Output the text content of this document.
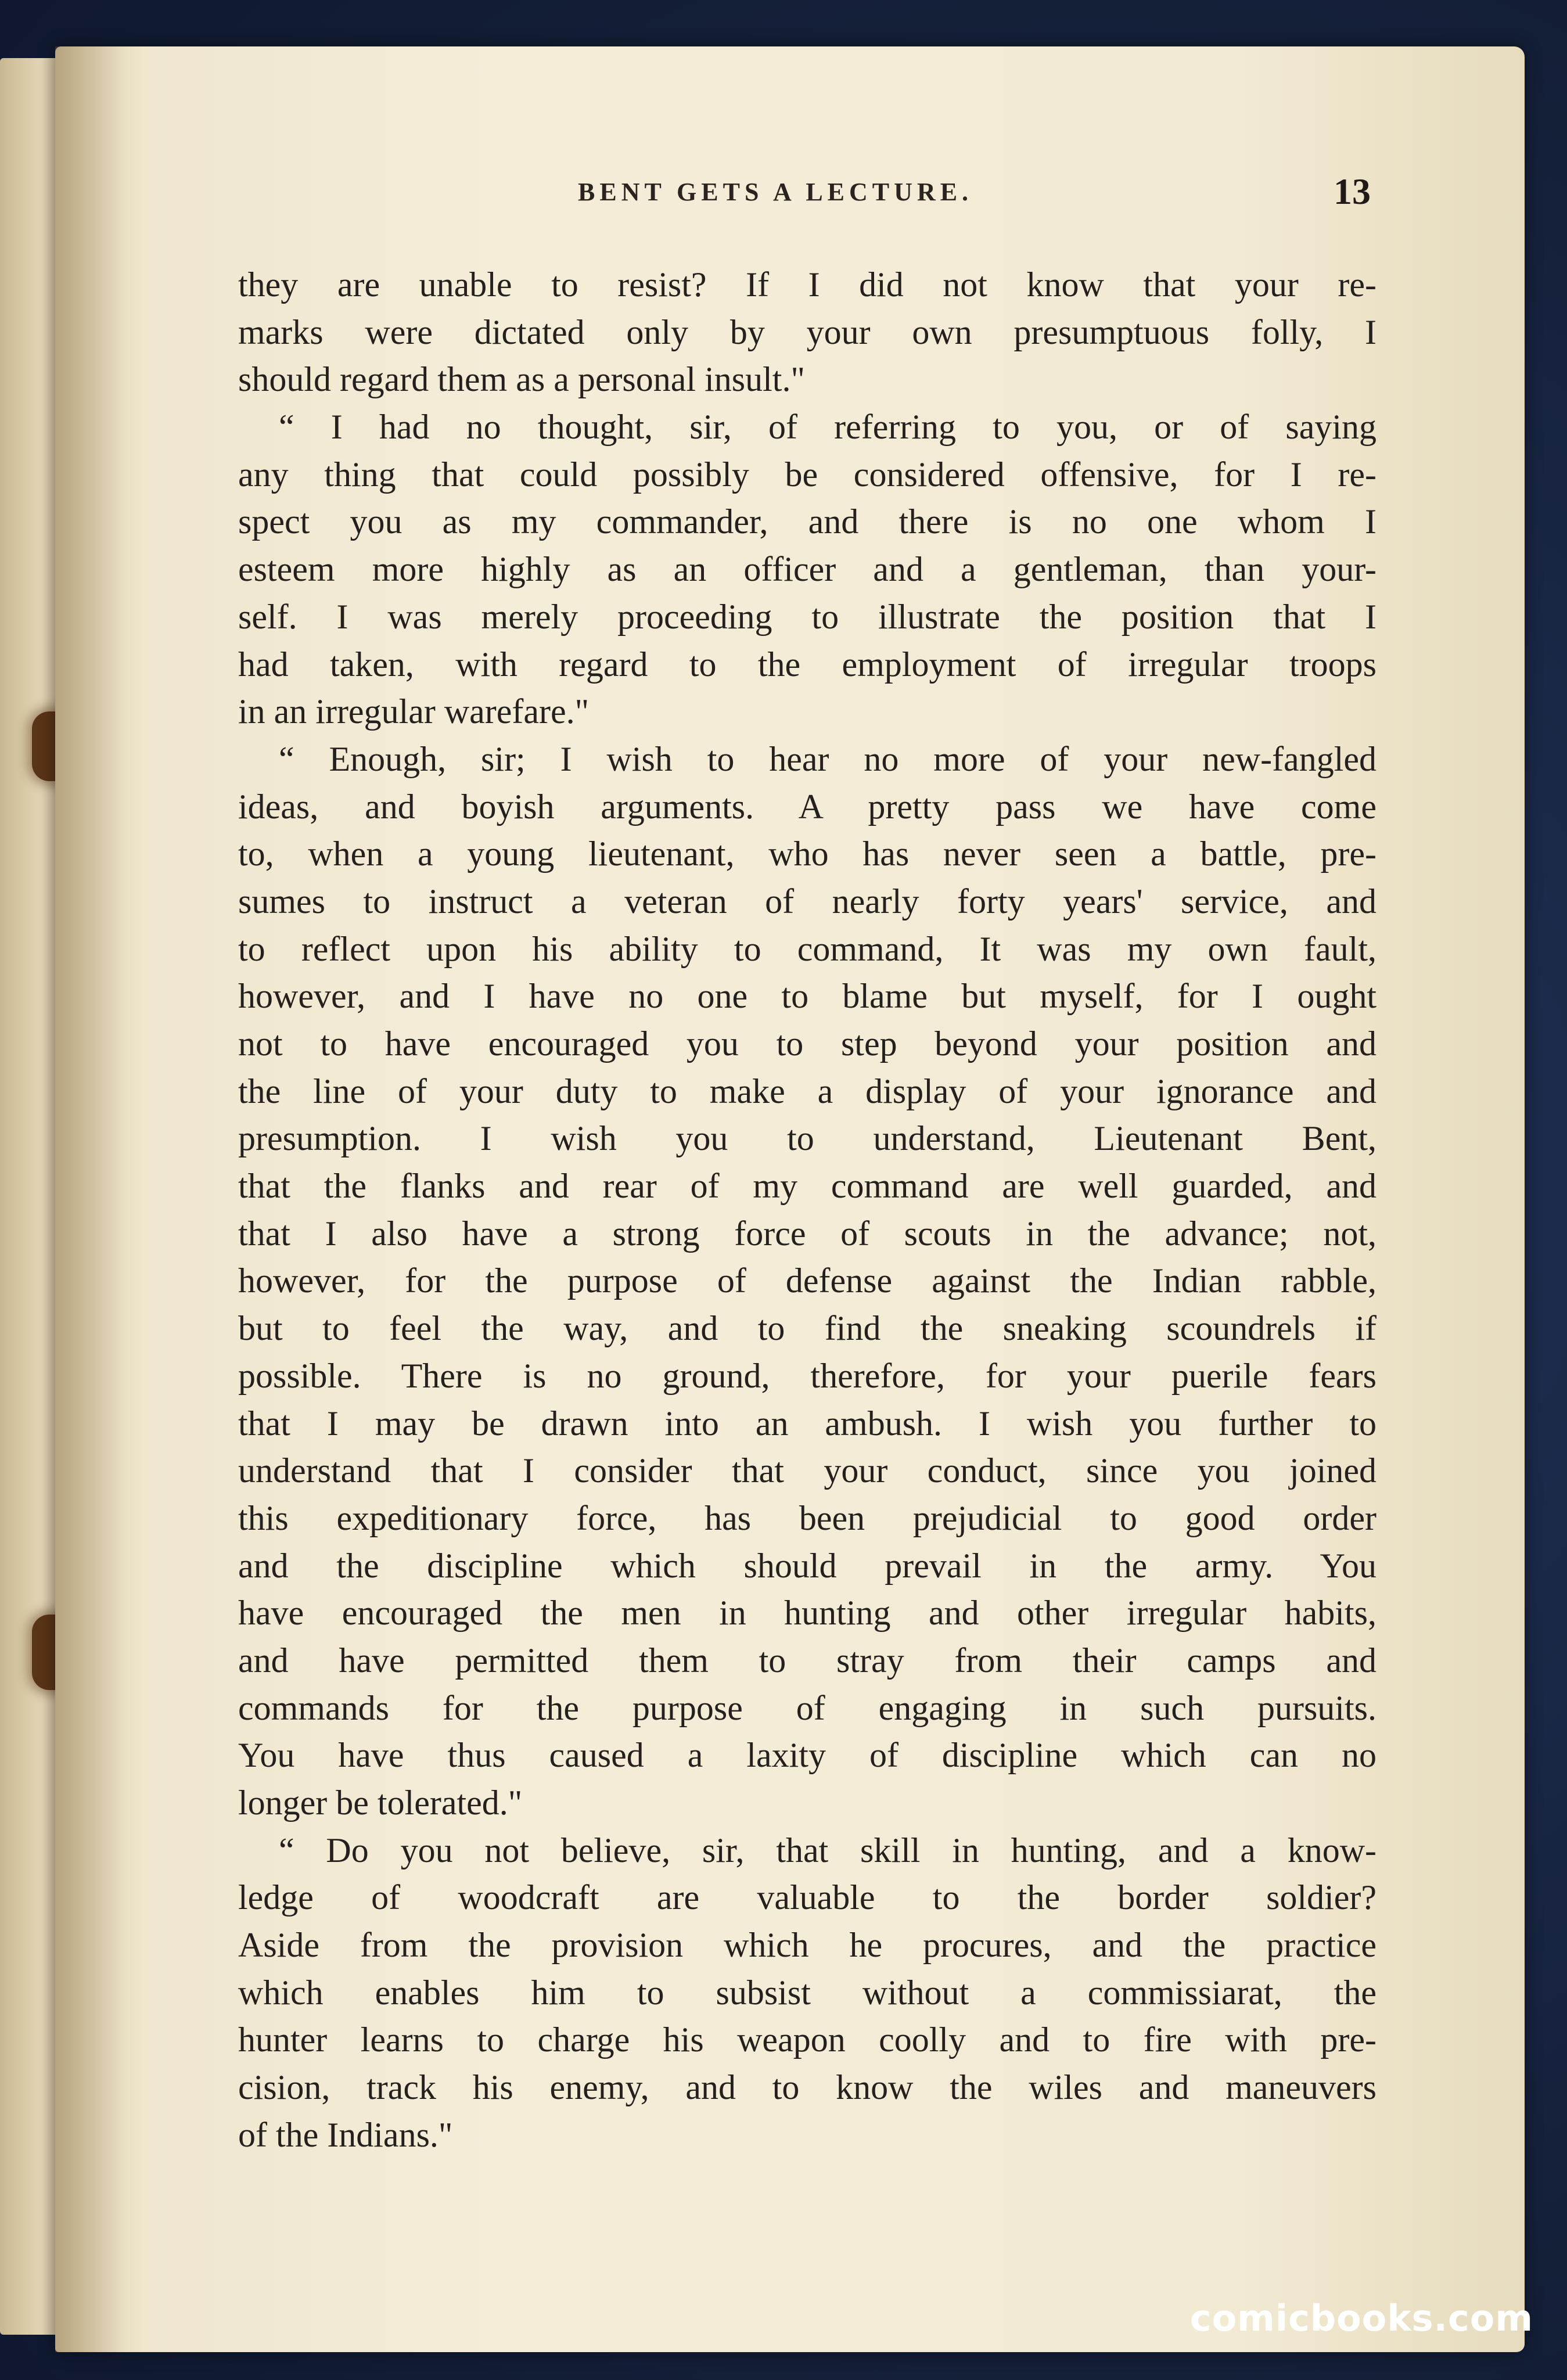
BENT GETS A LECTURE.	13
they are unable to resist? If I did not know that your re-
marks were dictated only by your own presumptuous folly, I
should regard them as a personal insult."
“ I had no thought, sir, of referring to you, or of saying
any thing that could possibly be considered offensive, for I re-
spect you as my commander, and there is no one whom I
esteem more highly as an officer and a gentleman, than your-
self. I was merely proceeding to illustrate the position that I
had taken, with regard to the employment of irregular troops
in an irregular warefare."
“ Enough, sir; I wish to hear no more of your new-fangled
ideas, and boyish arguments. A pretty pass we have come
to, when a young lieutenant, who has never seen a battle, pre-
sumes to instruct a veteran of nearly forty years' service, and
to reflect upon his ability to command, It was my own fault,
however, and I have no one to blame but myself, for I ought
not to have encouraged you to step beyond your position and
the line of your duty to make a display of your ignorance and
presumption. I wish you to understand, Lieutenant Bent,
that the flanks and rear of my command are well guarded, and
that I also have a strong force of scouts in the advance; not,
however, for the purpose of defense against the Indian rabble,
but to feel the way, and to find the sneaking scoundrels if
possible. There is no ground, therefore, for your puerile fears
that I may be drawn into an ambush. I wish you further to
understand that I consider that your conduct, since you joined
this expeditionary force, has been prejudicial to good order
and the discipline which should prevail in the army. You
have encouraged the men in hunting and other irregular habits,
and have permitted them to stray from their camps and
commands for the purpose of engaging in such pursuits.
You have thus caused a laxity of discipline which can no
longer be tolerated."
“ Do you not believe, sir, that skill in hunting, and a know-
ledge of woodcraft are valuable to the border soldier?
Aside from the provision which he procures, and the practice
which enables him to subsist without a commissiarat, the
hunter learns to charge his weapon coolly and to fire with pre-
cision, track his enemy, and to know the wiles and maneuvers
of the Indians."
comicbooks.com
